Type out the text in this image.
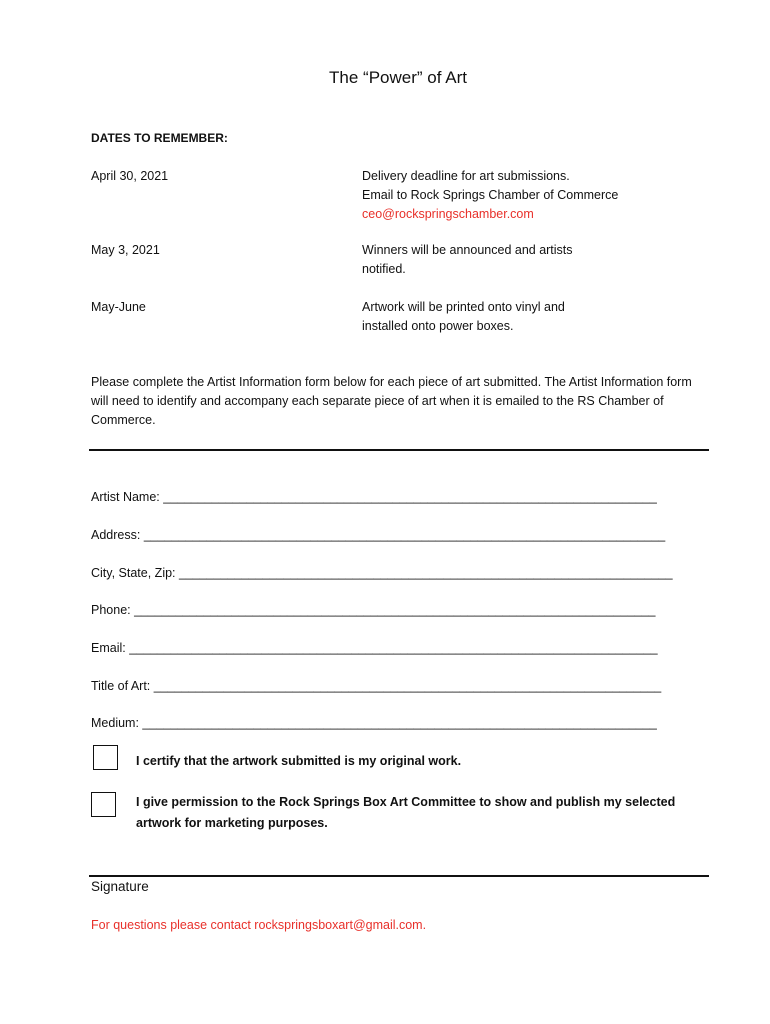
The “Power” of Art
DATES TO REMEMBER:
April 30, 2021	Delivery deadline for art submissions.
Email to Rock Springs Chamber of Commerce
ceo@rockspringschamber.com
May 3, 2021	Winners will be announced and artists
notified.
May-June	Artwork will be printed onto vinyl and
installed onto power boxes.
Please complete the Artist Information form below for each piece of art submitted. The Artist Information form will need to identify and accompany each separate piece of art when it is emailed to the RS Chamber of Commerce.
Artist Name: _______________________________________________________________________
Address: ___________________________________________________________________________
City, State, Zip: _______________________________________________________________________
Phone: ___________________________________________________________________________
Email: ____________________________________________________________________________
Title of Art: _________________________________________________________________________
Medium: __________________________________________________________________________
I certify that the artwork submitted is my original work.
I give permission to the Rock Springs Box Art Committee to show and publish my selected artwork for marketing purposes.
Signature
For questions please contact rockspringsboxart@gmail.com.
